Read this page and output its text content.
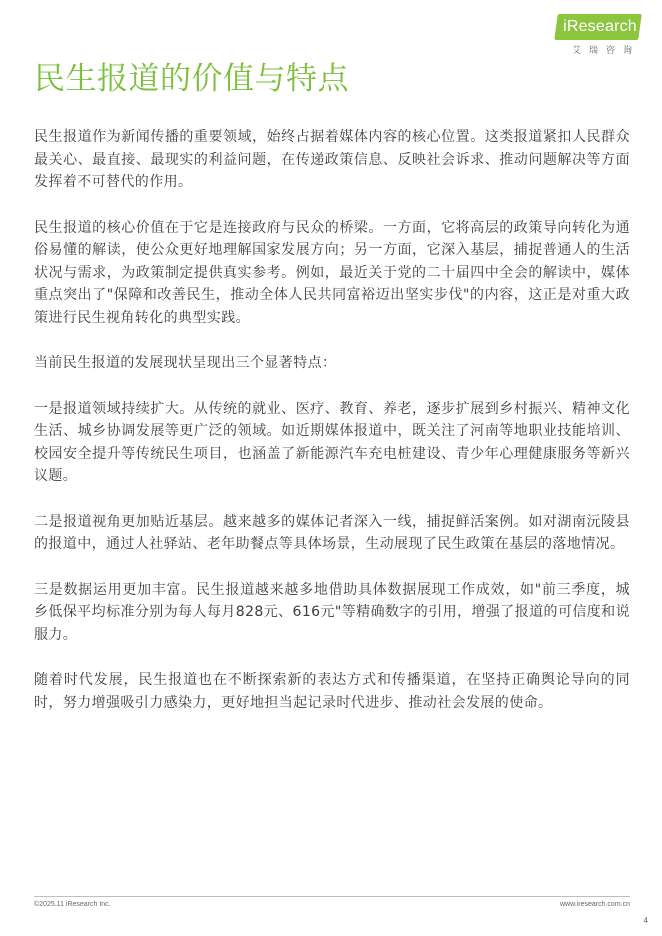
iResearch
艾瑞咨询
民生报道的价值与特点

民生报道作为新闻传播的重要领域，始终占据着媒体内容的核心位置。这类报道紧扣人民群众最关心、最直接、最现实的利益问题，在传递政策信息、反映社会诉求、推动问题解决等方面发挥着不可替代的作用。

民生报道的核心价值在于它是连接政府与民众的桥梁。一方面，它将高层的政策导向转化为通俗易懂的解读，使公众更好地理解国家发展方向；另一方面，它深入基层，捕捉普通人的生活状况与需求，为政策制定提供真实参考。例如，最近关于党的二十届四中全会的解读中，媒体重点突出了"保障和改善民生，推动全体人民共同富裕迈出坚实步伐"的内容，这正是对重大政策进行民生视角转化的典型实践。

当前民生报道的发展现状呈现出三个显著特点：

一是报道领域持续扩大。从传统的就业、医疗、教育、养老，逐步扩展到乡村振兴、精神文化生活、城乡协调发展等更广泛的领域。如近期媒体报道中，既关注了河南等地职业技能培训、校园安全提升等传统民生项目，也涵盖了新能源汽车充电桩建设、青少年心理健康服务等新兴议题。

二是报道视角更加贴近基层。越来越多的媒体记者深入一线，捕捉鲜活案例。如对湖南沅陵县的报道中，通过人社驿站、老年助餐点等具体场景，生动展现了民生政策在基层的落地情况。

三是数据运用更加丰富。民生报道越来越多地借助具体数据展现工作成效，如"前三季度，城乡低保平均标准分别为每人每月828元、616元"等精确数字的引用，增强了报道的可信度和说服力。

随着时代发展，民生报道也在不断探索新的表达方式和传播渠道，在坚持正确舆论导向的同时，努力增强吸引力感染力，更好地担当起记录时代进步、推动社会发展的使命。

©2025.11 iResearch Inc.	www.iresearch.com.cn
4
